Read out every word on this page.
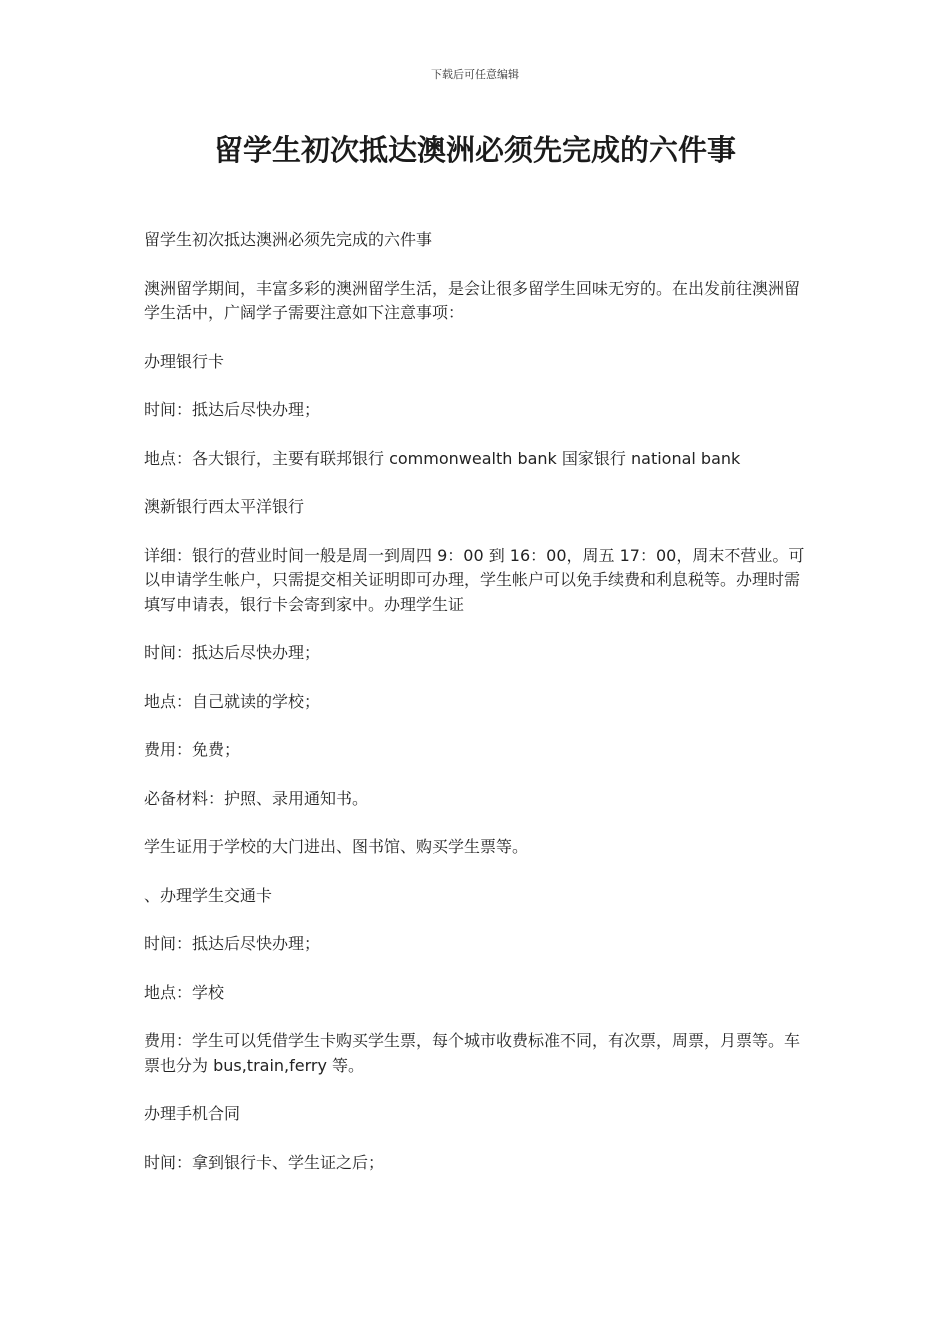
下载后可任意编辑
留学生初次抵达澳洲必须先完成的六件事

留学生初次抵达澳洲必须先完成的六件事

澳洲留学期间，丰富多彩的澳洲留学生活，是会让很多留学生回味无穷的。在出发前往澳洲留学生活中，广阔学子需要注意如下注意事项：

办理银行卡

时间：抵达后尽快办理；

地点：各大银行，主要有联邦银行 commonwealth bank 国家银行 national bank

澳新银行西太平洋银行

详细：银行的营业时间一般是周一到周四 9：00 到 16：00，周五 17：00，周末不营业。可以申请学生帐户，只需提交相关证明即可办理，学生帐户可以免手续费和利息税等。办理时需填写申请表，银行卡会寄到家中。办理学生证

时间：抵达后尽快办理；

地点：自己就读的学校；

费用：免费；

必备材料：护照、录用通知书。

学生证用于学校的大门进出、图书馆、购买学生票等。

、办理学生交通卡

时间：抵达后尽快办理；

地点：学校

费用：学生可以凭借学生卡购买学生票，每个城市收费标准不同，有次票，周票，月票等。车票也分为 bus,train,ferry 等。

办理手机合同

时间：拿到银行卡、学生证之后；
